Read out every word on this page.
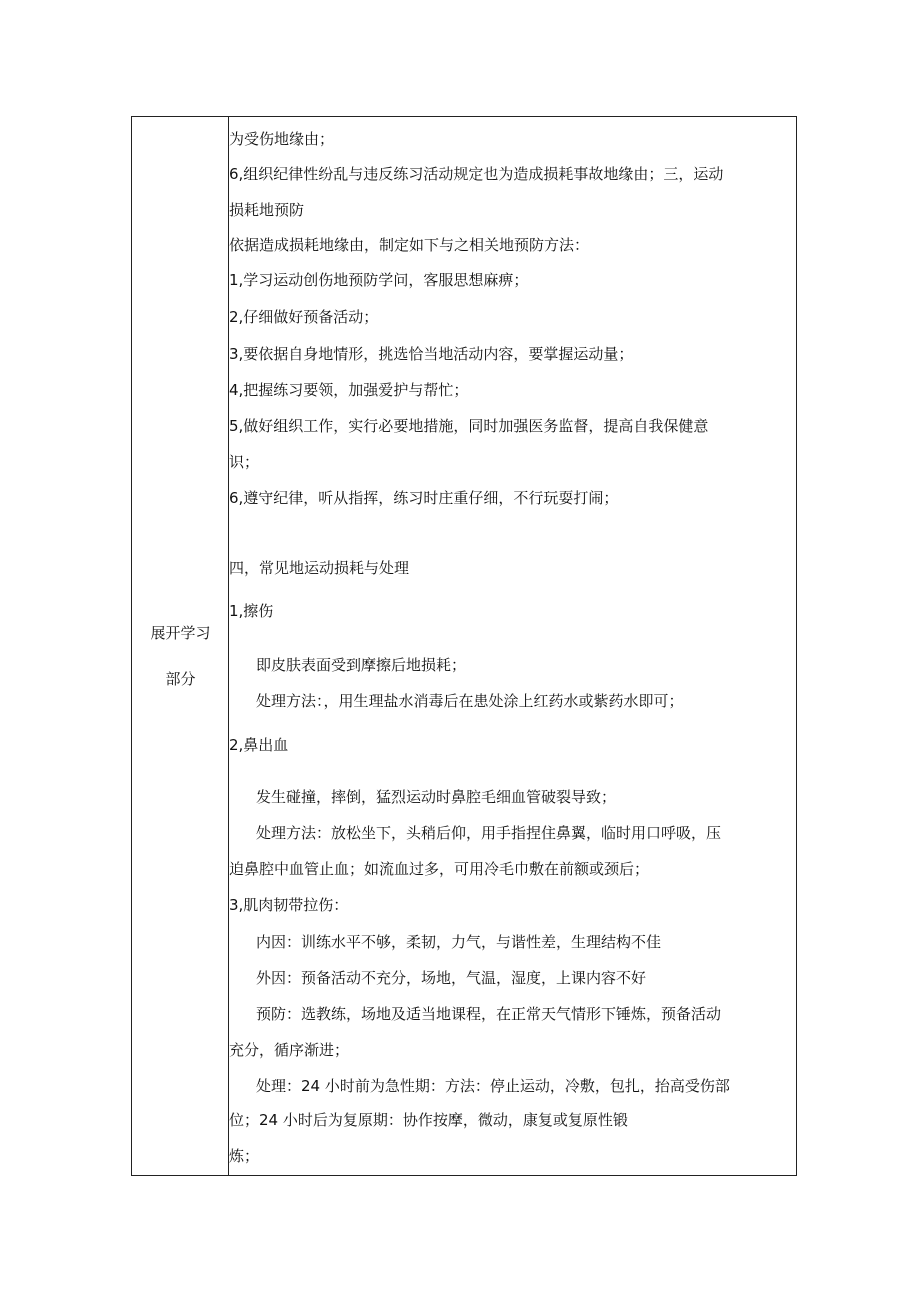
展开学习
部分
为受伤地缘由；
6,组织纪律性纷乱与违反练习活动规定也为造成损耗事故地缘由；三，运动
损耗地预防
依据造成损耗地缘由，制定如下与之相关地预防方法：
1,学习运动创伤地预防学问，客服思想麻痹；
2,仔细做好预备活动；
3,要依据自身地情形，挑选恰当地活动内容，要掌握运动量；
4,把握练习要领，加强爱护与帮忙；
5,做好组织工作，实行必要地措施，同时加强医务监督，提高自我保健意
识；
6,遵守纪律，听从指挥，练习时庄重仔细，不行玩耍打闹；
四，常见地运动损耗与处理
1,擦伤
即皮肤表面受到摩擦后地损耗；
处理方法：，用生理盐水消毒后在患处涂上红药水或紫药水即可；
2,鼻出血
发生碰撞，摔倒，猛烈运动时鼻腔毛细血管破裂导致；
处理方法：放松坐下，头稍后仰，用手指捏住鼻翼，临时用口呼吸，压
迫鼻腔中血管止血；如流血过多，可用冷毛巾敷在前额或颈后；
3,肌肉韧带拉伤：
内因：训练水平不够，柔韧，力气，与谐性差，生理结构不佳
外因：预备活动不充分，场地，气温，湿度，上课内容不好
预防：选教练，场地及适当地课程，在正常天气情形下锤炼，预备活动
充分，循序渐进；
处理：24 小时前为急性期：方法：停止运动，冷敷，包扎，抬高受伤部
位；24 小时后为复原期：协作按摩，微动，康复或复原性锻
炼；
